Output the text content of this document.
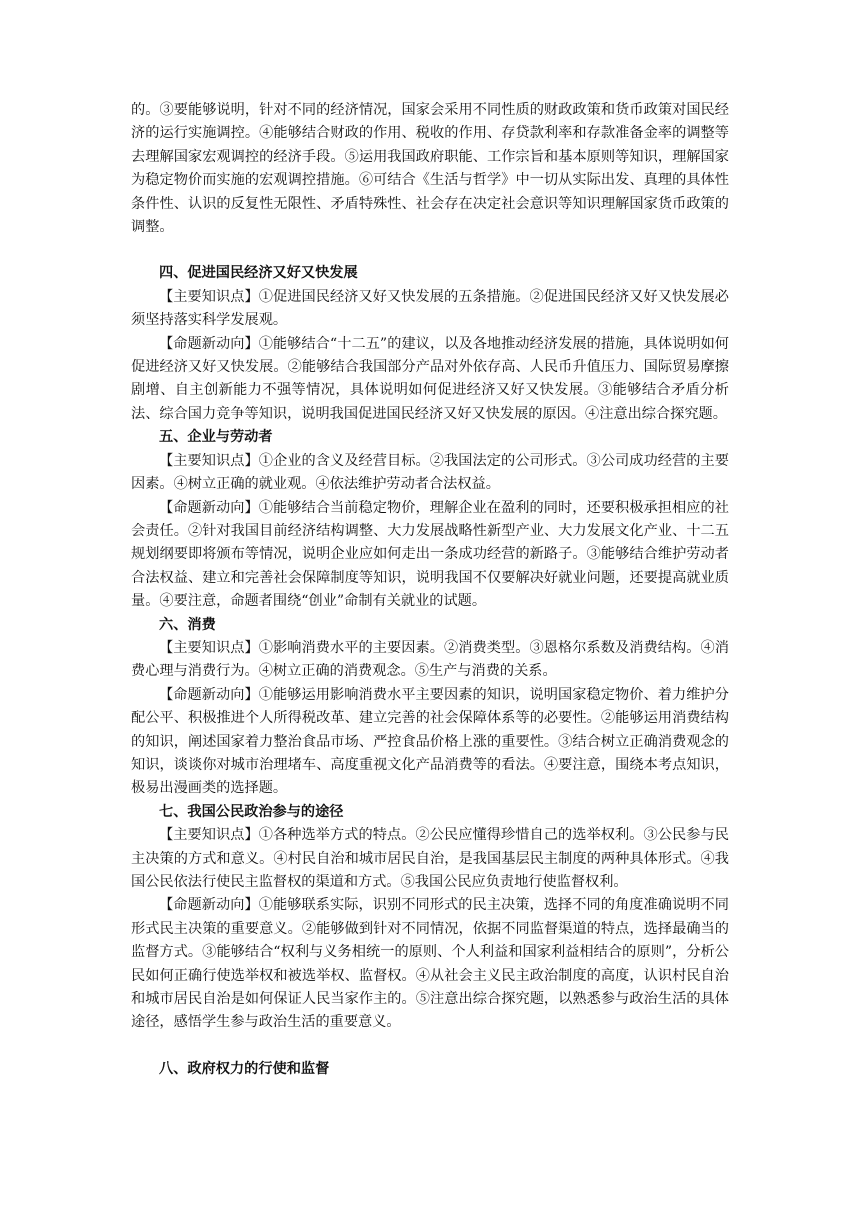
的。③要能够说明，针对不同的经济情况，国家会采用不同性质的财政政策和货币政策对国民经济的运行实施调控。④能够结合财政的作用、税收的作用、存贷款利率和存款准备金率的调整等去理解国家宏观调控的经济手段。⑤运用我国政府职能、工作宗旨和基本原则等知识，理解国家为稳定物价而实施的宏观调控措施。⑥可结合《生活与哲学》中一切从实际出发、真理的具体性条件性、认识的反复性无限性、矛盾特殊性、社会存在决定社会意识等知识理解国家货币政策的调整。

四、促进国民经济又好又快发展

【主要知识点】①促进国民经济又好又快发展的五条措施。②促进国民经济又好又快发展必须坚持落实科学发展观。

【命题新动向】①能够结合“十二五”的建议，以及各地推动经济发展的措施，具体说明如何促进经济又好又快发展。②能够结合我国部分产品对外依存高、人民币升值压力、国际贸易摩擦剧增、自主创新能力不强等情况，具体说明如何促进经济又好又快发展。③能够结合矛盾分析法、综合国力竞争等知识，说明我国促进国民经济又好又快发展的原因。④注意出综合探究题。

五、企业与劳动者

【主要知识点】①企业的含义及经营目标。②我国法定的公司形式。③公司成功经营的主要因素。④树立正确的就业观。④依法维护劳动者合法权益。

【命题新动向】①能够结合当前稳定物价，理解企业在盈利的同时，还要积极承担相应的社会责任。②针对我国目前经济结构调整、大力发展战略性新型产业、大力发展文化产业、十二五规划纲要即将颁布等情况，说明企业应如何走出一条成功经营的新路子。③能够结合维护劳动者合法权益、建立和完善社会保障制度等知识，说明我国不仅要解决好就业问题，还要提高就业质量。④要注意，命题者围绕“创业”命制有关就业的试题。

六、消费

【主要知识点】①影响消费水平的主要因素。②消费类型。③恩格尔系数及消费结构。④消费心理与消费行为。④树立正确的消费观念。⑤生产与消费的关系。

【命题新动向】①能够运用影响消费水平主要因素的知识，说明国家稳定物价、着力维护分配公平、积极推进个人所得税改革、建立完善的社会保障体系等的必要性。②能够运用消费结构的知识，阐述国家着力整治食品市场、严控食品价格上涨的重要性。③结合树立正确消费观念的知识，谈谈你对城市治理堵车、高度重视文化产品消费等的看法。④要注意，围绕本考点知识，极易出漫画类的选择题。

七、我国公民政治参与的途径

【主要知识点】①各种选举方式的特点。②公民应懂得珍惜自己的选举权利。③公民参与民主决策的方式和意义。④村民自治和城市居民自治，是我国基层民主制度的两种具体形式。④我国公民依法行使民主监督权的渠道和方式。⑤我国公民应负责地行使监督权利。

【命题新动向】①能够联系实际，识别不同形式的民主决策，选择不同的角度准确说明不同形式民主决策的重要意义。②能够做到针对不同情况，依据不同监督渠道的特点，选择最确当的监督方式。③能够结合“权利与义务相统一的原则、个人利益和国家利益相结合的原则”，分析公民如何正确行使选举权和被选举权、监督权。④从社会主义民主政治制度的高度，认识村民自治和城市居民自治是如何保证人民当家作主的。⑤注意出综合探究题，以熟悉参与政治生活的具体途径，感悟学生参与政治生活的重要意义。

八、政府权力的行使和监督
